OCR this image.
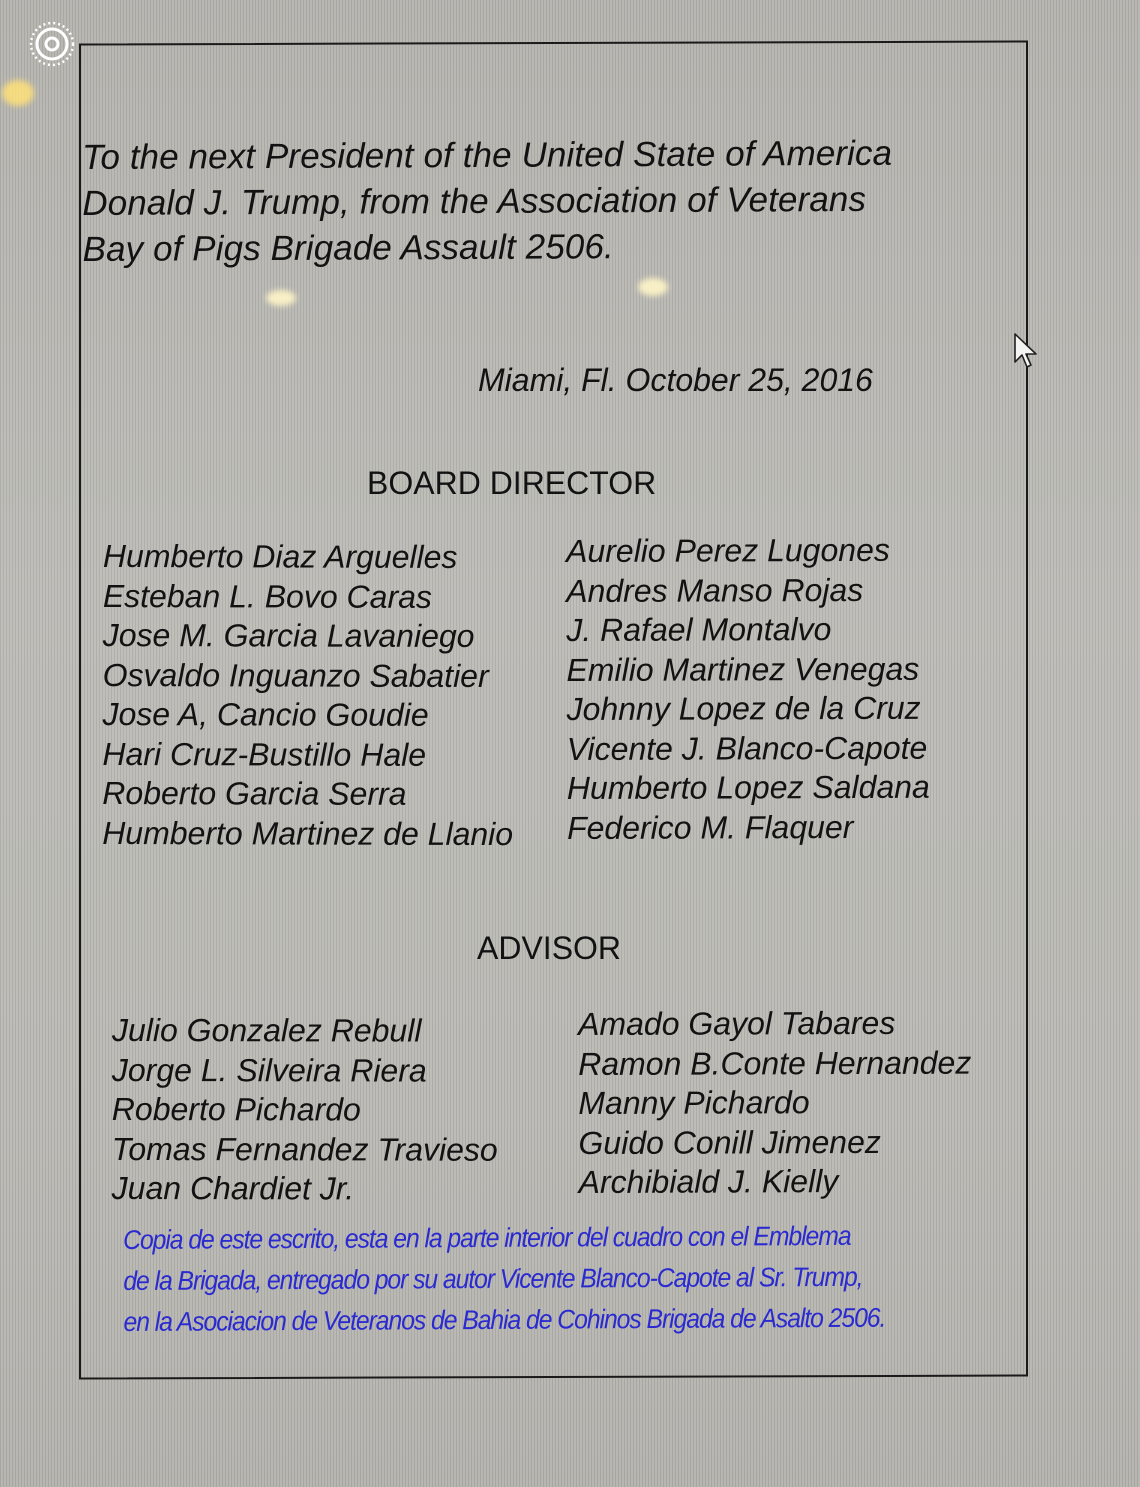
To the next President of the United State of America
Donald J. Trump, from the Association of Veterans
Bay of Pigs Brigade Assault 2506.
Miami, Fl. October 25, 2016
BOARD DIRECTOR
Humberto Diaz Arguelles
Esteban L. Bovo Caras
Jose M. Garcia Lavaniego
Osvaldo Inguanzo Sabatier
Jose A, Cancio Goudie
Hari Cruz-Bustillo Hale
Roberto Garcia Serra
Humberto Martinez de Llanio
Aurelio Perez Lugones
Andres Manso Rojas
J. Rafael Montalvo
Emilio Martinez Venegas
Johnny Lopez de la Cruz
Vicente J. Blanco-Capote
Humberto Lopez Saldana
Federico M. Flaquer
ADVISOR
Julio Gonzalez Rebull
Jorge L. Silveira Riera
Roberto Pichardo
Tomas Fernandez Travieso
Juan Chardiet Jr.
Amado Gayol Tabares
Ramon B.Conte Hernandez
Manny Pichardo
Guido Conill Jimenez
Archibiald J. Kielly
Copia de este escrito, esta en la parte interior del cuadro con el Emblema
de la Brigada, entregado por su autor Vicente Blanco-Capote al Sr. Trump,
en la Asociacion de Veteranos de Bahia de Cohinos Brigada de Asalto 2506.
